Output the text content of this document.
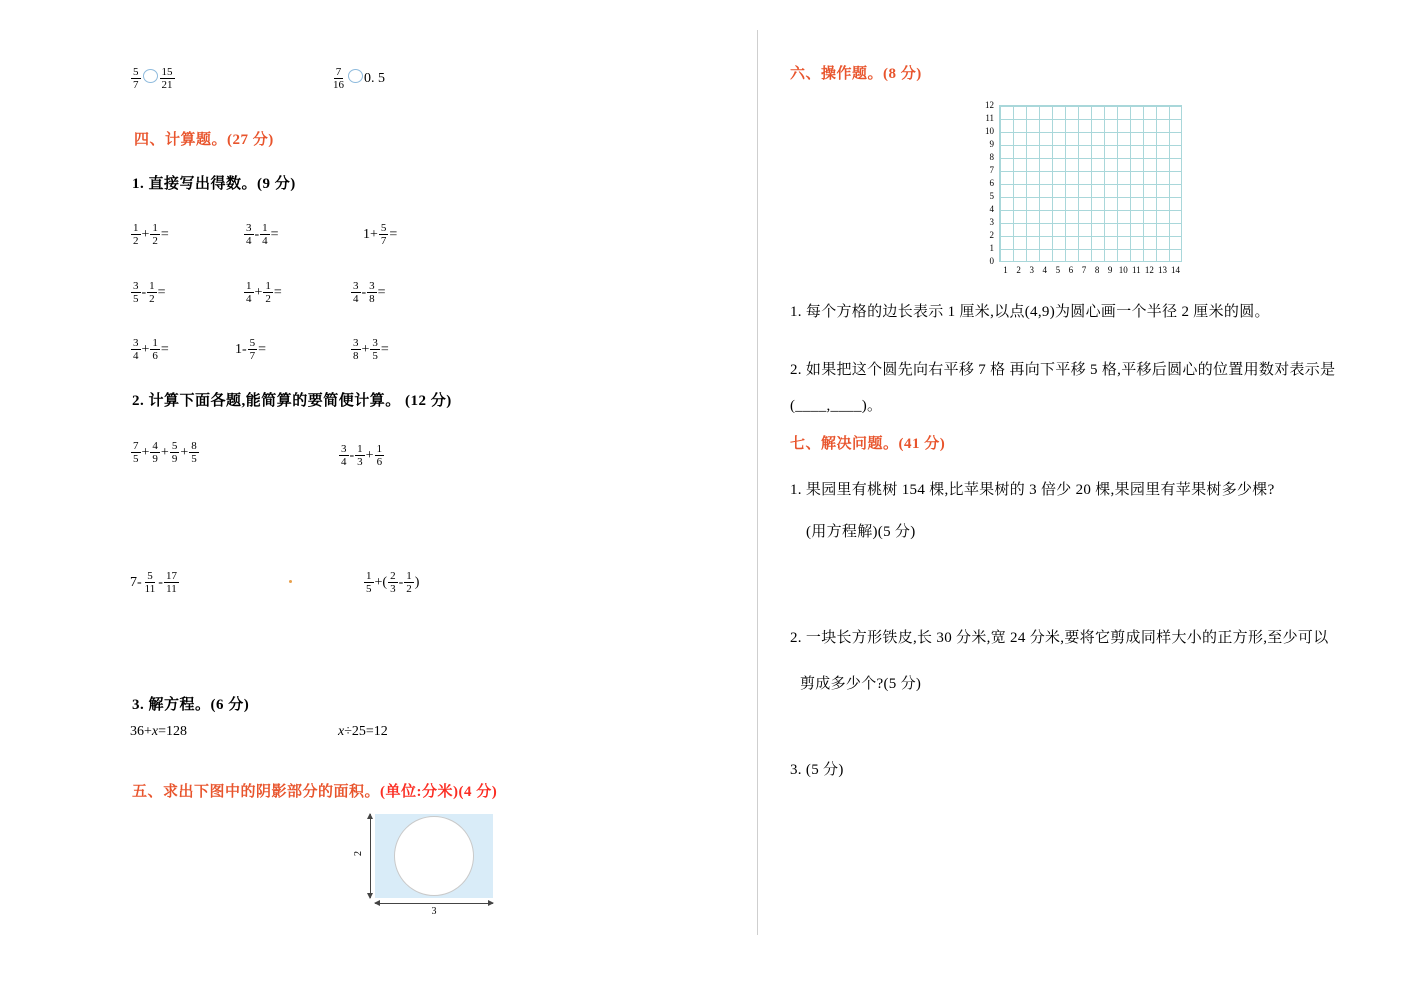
$\frac{5}{7} \frac{15}{21}$	$\frac{7}{16} 0$. 5
四、计算题。(27 分)
1. 直接写出得数。(9 分)
$\frac{1}{2} + \frac{1}{2}$ =	$\frac{3}{4} - \frac{1}{4}$ =	$1+ \frac{5}{7}$ =
$\frac{3}{5} - \frac{1}{2}$ =	$\frac{1}{4} + \frac{1}{2}$ =	$\frac{3}{4} - \frac{3}{8}$ =
$\frac{3}{4} + \frac{1}{6}$ =	$1- \frac{5}{7}$ =	$\frac{3}{8} + \frac{3}{5}$ =
2. 计算下面各题,能简算的要简便计算。 (12 分)
$\frac{7}{5} + \frac{4}{9} + \frac{5}{9} + \frac{8}{5}$	$\frac{3}{4} - \frac{1}{3} + \frac{1}{6}$
$7- \frac{5}{11} - \frac{17}{11}$	$\frac{1}{5}$ +( $\frac{2}{3} - \frac{1}{2}$ )
3. 解方程。(6 分)
36+ x =128	x ÷25=12
五、求出下图中的阴影部分的面积。(单位:分米)(4 分)
2
3
六、操作题。(8 分)
12
11
10
9
8
7
6
5
4
3
2
1
0
1 2 3 4 5 6 7 8 9 10 11 12 13 14
1. 每个方格的边长表示 1 厘米,以点(4,9)为圆心画一个半径 2 厘米的圆。
2. 如果把这个圆先向右平移 7 格 再向下平移 5 格,平移后圆心的位置用数对表示是
(____,____)。
七、解决问题。(41 分)
1. 果园里有桃树 154 棵,比苹果树的 3 倍少 20 棵,果园里有苹果树多少棵?
(用方程解)(5 分)
2. 一块长方形铁皮,长 30 分米,宽 24 分米,要将它剪成同样大小的正方形,至少可以
剪成多少个?(5 分)
3. (5 分)
